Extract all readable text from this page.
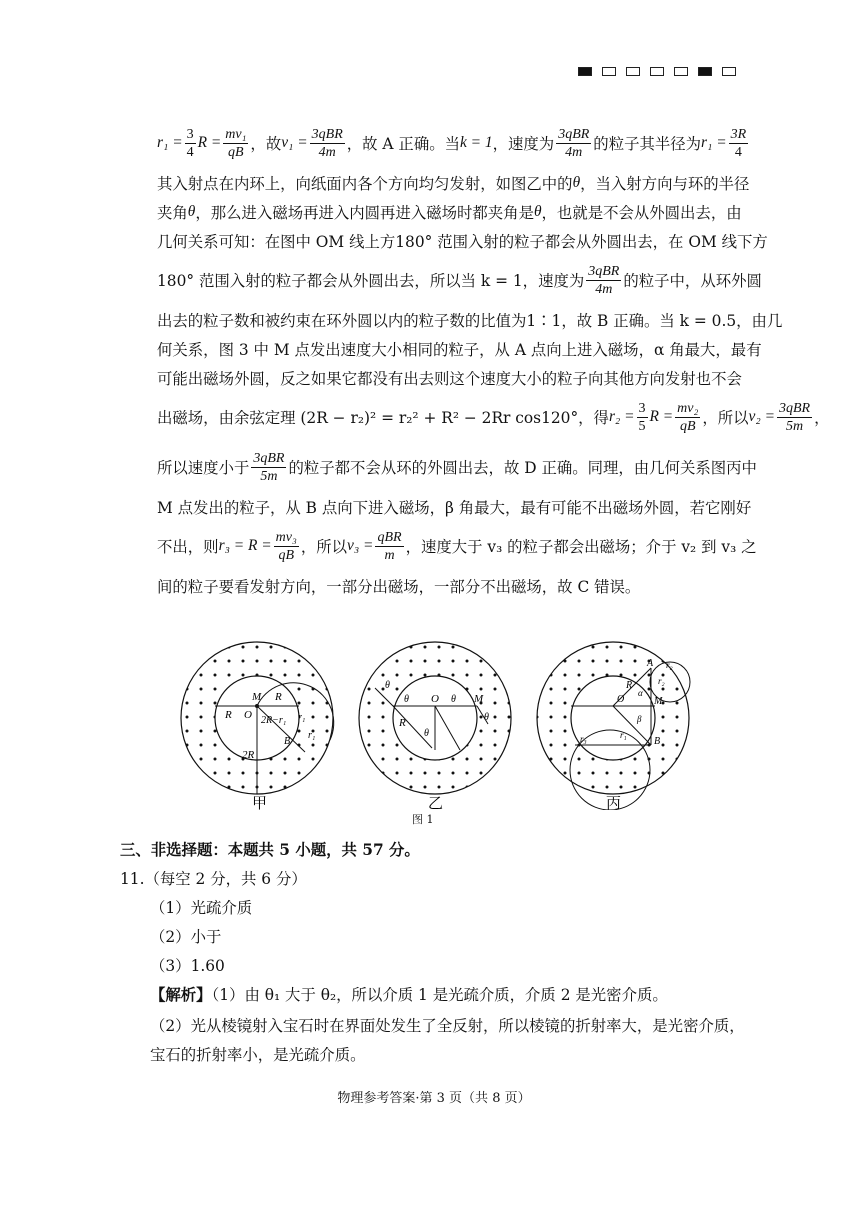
$r_1 = \frac{3}{4}$ $R = \frac{\text{mv₁}}{qB}$ ，故 $v_1 = \frac{\text{3qBR}}{4m}$ ，故 A 正确。当 k = 1 ，速度为 $\frac{\text{3qBR}}{4m}$ 的粒子其半径为 $r_1 = \frac{3R}{4}$
其入射点在内环上，向纸面内各个方向均匀发射，如图乙中的 θ ，当入射方向与环的半径
夹角 θ ，那么进入磁场再进入内圆再进入磁场时都夹角是 θ ，也就是不会从外圆出去，由
几何关系可知：在图中 OM 线上方180° 范围入射的粒子都会从外圆出去，在 OM 线下方
180° 范围入射的粒子都会从外圆出去，所以当 k = 1，速度为 $\frac{\text{3qBR}}{4m}$ 的粒子中，从环外圆
出去的粒子数和被约束在环外圆以内的粒子数的比值为1∶1，故 B 正确。当 k = 0.5，由几
何关系，图 3 中 M 点发出速度大小相同的粒子，从 A 点向上进入磁场，α 角最大，最有
可能出磁场外圆，反之如果它都没有出去则这个速度大小的粒子向其他方向发射也不会
出磁场，由余弦定理 (2R − r₂)² = r₂² + R² − 2Rr cos120°，得 $r_2 = \frac{3}{5}$ $R = \frac{\text{mv₂}}{qB}$ ，所以 $v_2 = \frac{\text{3qBR}}{5m}$ ，
所以速度小于 $\frac{\text{3qBR}}{5m}$ 的粒子都不会从环的外圆出去，故 D 正确。同理，由几何关系图丙中
M 点发出的粒子，从 B 点向下进入磁场，β 角最大，最有可能不出磁场外圆，若它刚好
不出，则 $r_3 = R = \frac{\text{mv₃}}{qB}$ ，所以 $v_3 = \frac{\text{qBR}}{m}$ ，速度大于 v₃ 的粒子都会出磁场；介于 v₂ 到 v₃ 之
间的粒子要看发射方向，一部分出磁场，一部分不出磁场，故 C 错误。
M R
R O 2R−r₁ r₁
r₁
B
2R
θ
θ O θ M
θ
R
θ
A r₂
r₂
R
α
O
β
M
r₃	r₁
B
甲	乙	丙
图 1
三、非选择题：本题共 5 小题，共 57 分。
11.（每空 2 分，共 6 分）
（1）光疏介质
（2）小于
（3）1.60
【解析】（1）由 θ₁ 大于 θ₂，所以介质 1 是光疏介质，介质 2 是光密介质。
（2）光从棱镜射入宝石时在界面处发生了全反射，所以棱镜的折射率大，是光密介质，
宝石的折射率小，是光疏介质。
物理参考答案·第 3 页（共 8 页）
